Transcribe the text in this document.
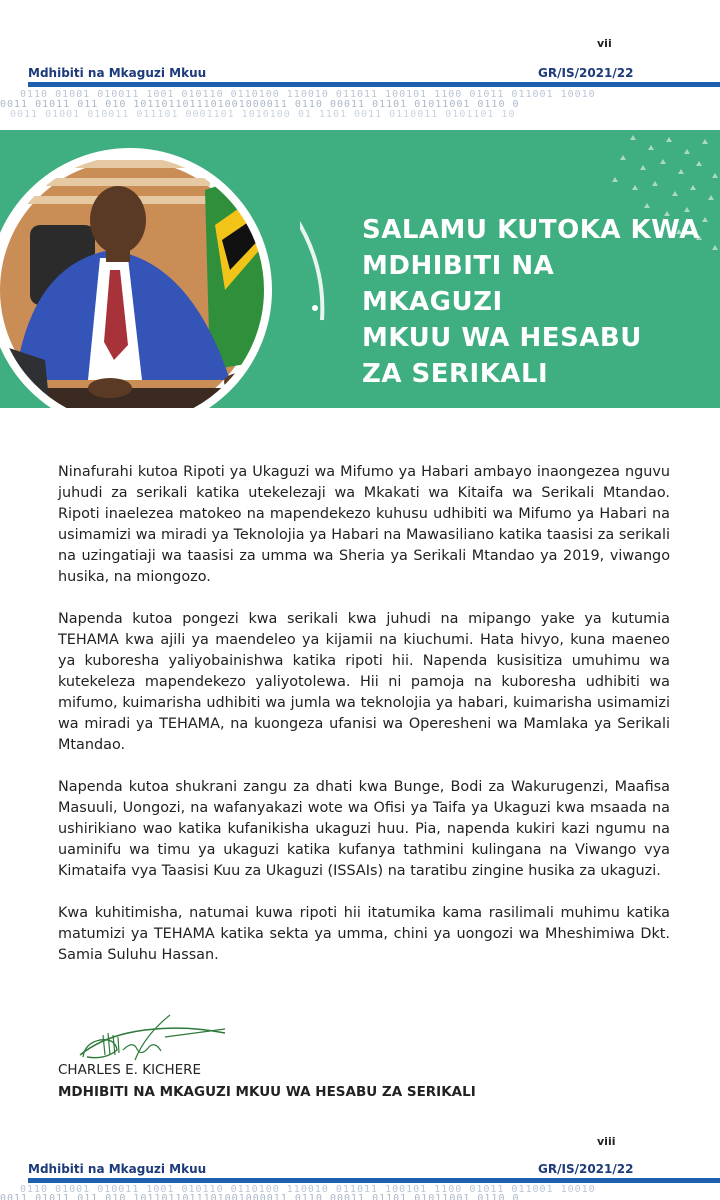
vii
Mdhibiti na Mkaguzi Mkuu	GR/IS/2021/22
0110 01001 010011 1001 010110 0110100 110010 011011 100101 1100 01011 011001 10010
0011 01011 011 010 1011011011101001000011 0110 00011 01101 01011001 0110 0
0011 01001 010011 011101 0001101 1010100 01 1101 0011 0110011 0101101 10
SALAMU KUTOKA KWA
MDHIBITI NA MKAGUZI
MKUU WA HESABU
ZA SERIKALI

Ninafurahi kutoa Ripoti ya Ukaguzi wa Mifumo ya Habari ambayo inaongezea nguvu juhudi za serikali katika utekelezaji wa Mkakati wa Kitaifa wa Serikali Mtandao. Ripoti inaelezea matokeo na mapendekezo kuhusu udhibiti wa Mifumo ya Habari na usimamizi wa miradi ya Teknolojia ya Habari na Mawasiliano katika taasisi za serikali na uzingatiaji wa taasisi za umma wa Sheria ya Serikali Mtandao ya 2019, viwango husika, na miongozo.

Napenda kutoa pongezi kwa serikali kwa juhudi na mipango yake ya kutumia TEHAMA kwa ajili ya maendeleo ya kijamii na kiuchumi. Hata hivyo, kuna maeneo ya kuboresha yaliyobainishwa katika ripoti hii. Napenda kusisitiza umuhimu wa kutekeleza mapendekezo yaliyotolewa. Hii ni pamoja na kuboresha udhibiti wa mifumo, kuimarisha udhibiti wa jumla wa teknolojia ya habari, kuimarisha usimamizi wa miradi ya TEHAMA, na kuongeza ufanisi wa Operesheni wa Mamlaka ya Serikali Mtandao.

Napenda kutoa shukrani zangu za dhati kwa Bunge, Bodi za Wakurugenzi, Maafisa Masuuli, Uongozi, na wafanyakazi wote wa Ofisi ya Taifa ya Ukaguzi kwa msaada na ushirikiano wao katika kufanikisha ukaguzi huu. Pia, napenda kukiri kazi ngumu na uaminifu wa timu ya ukaguzi katika kufanya tathmini kulingana na Viwango vya Kimataifa vya Taasisi Kuu za Ukaguzi (ISSAIs) na taratibu zingine husika za ukaguzi.

Kwa kuhitimisha, natumai kuwa ripoti hii itatumika kama rasilimali muhimu katika matumizi ya TEHAMA katika sekta ya umma, chini ya uongozi wa Mheshimiwa Dkt. Samia Suluhu Hassan.

CHARLES E. KICHERE
MDHIBITI NA MKAGUZI MKUU WA HESABU ZA SERIKALI
viii
Mdhibiti na Mkaguzi Mkuu	GR/IS/2021/22
0110 01001 010011 1001 010110 0110100 110010 011011 100101 1100 01011 011001 10010
0011 01011 011 010 1011011011101001000011 0110 00011 01101 01011001 0110 0
